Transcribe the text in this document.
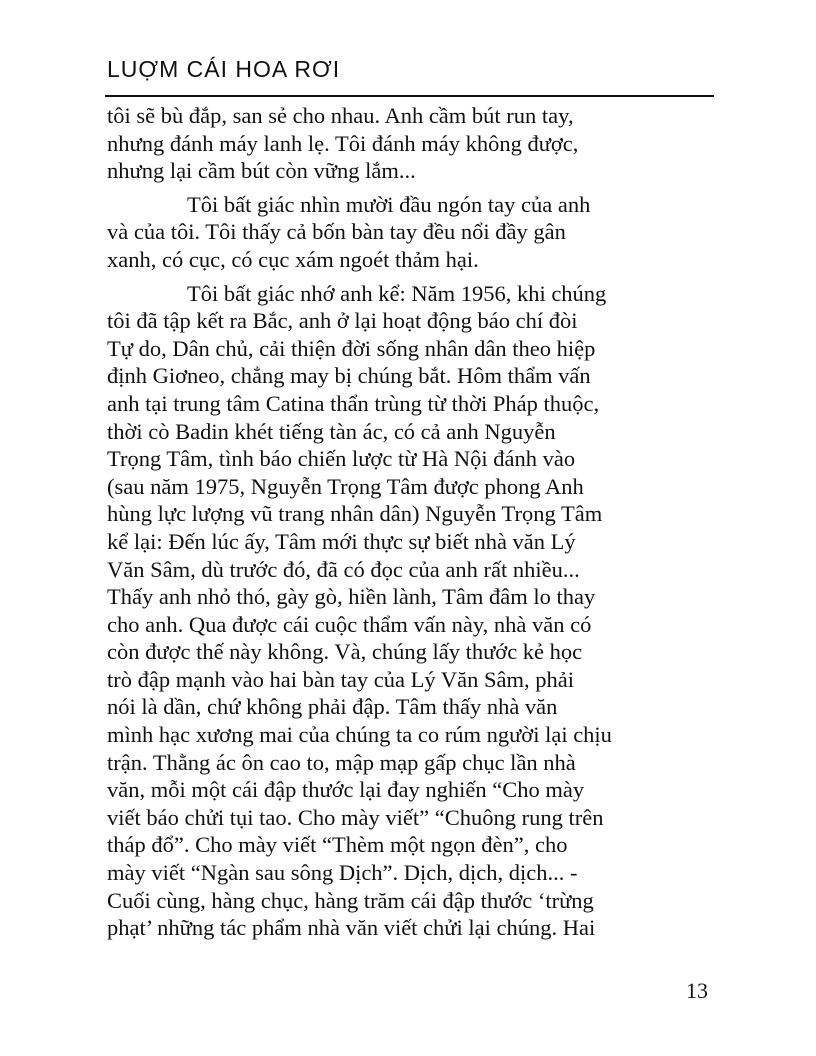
LUỢM CÁI HOA RƠI

tôi sẽ bù đắp, san sẻ cho nhau. Anh cầm bút run tay,
nhưng đánh máy lanh lẹ. Tôi đánh máy không được,
nhưng lại cầm bút còn vững lắm...

Tôi bất giác nhìn mười đầu ngón tay của anh
và của tôi. Tôi thấy cả bốn bàn tay đều nổi đầy gân
xanh, có cục, có cục xám ngoét thảm hại.

Tôi bất giác nhớ anh kể: Năm 1956, khi chúng
tôi đã tập kết ra Bắc, anh ở lại hoạt động báo chí đòi
Tự do, Dân chủ, cải thiện đời sống nhân dân theo hiệp
định Giơneo, chẳng may bị chúng bắt. Hôm thẩm vấn
anh tại trung tâm Catina thẩn trùng từ thời Pháp thuộc,
thời cò Badin khét tiếng tàn ác, có cả anh Nguyễn
Trọng Tâm, tình báo chiến lược từ Hà Nội đánh vào
(sau năm 1975, Nguyễn Trọng Tâm được phong Anh
hùng lực lượng vũ trang nhân dân) Nguyễn Trọng Tâm
kể lại: Đến lúc ấy, Tâm mới thực sự biết nhà văn Lý
Văn Sâm, dù trước đó, đã có đọc của anh rất nhiều...
Thấy anh nhỏ thó, gày gò, hiền lành, Tâm đâm lo thay
cho anh. Qua được cái cuộc thẩm vấn này, nhà văn có
còn được thế này không. Và, chúng lấy thước kẻ học
trò đập mạnh vào hai bàn tay của Lý Văn Sâm, phải
nói là dần, chứ không phải đập. Tâm thấy nhà văn
mình hạc xương mai của chúng ta co rúm người lại chịu
trận. Thằng ác ôn cao to, mập mạp gấp chục lần nhà
văn, mỗi một cái đập thước lại đay nghiến “Cho mày
viết báo chửi tụi tao. Cho mày viết” “Chuông rung trên
tháp đổ”. Cho mày viết “Thèm một ngọn đèn”, cho
mày viết “Ngàn sau sông Dịch”. Dịch, dịch, dịch... -
Cuối cùng, hàng chục, hàng trăm cái đập thước ‘trừng
phạt’ những tác phẩm nhà văn viết chửi lại chúng. Hai

13
